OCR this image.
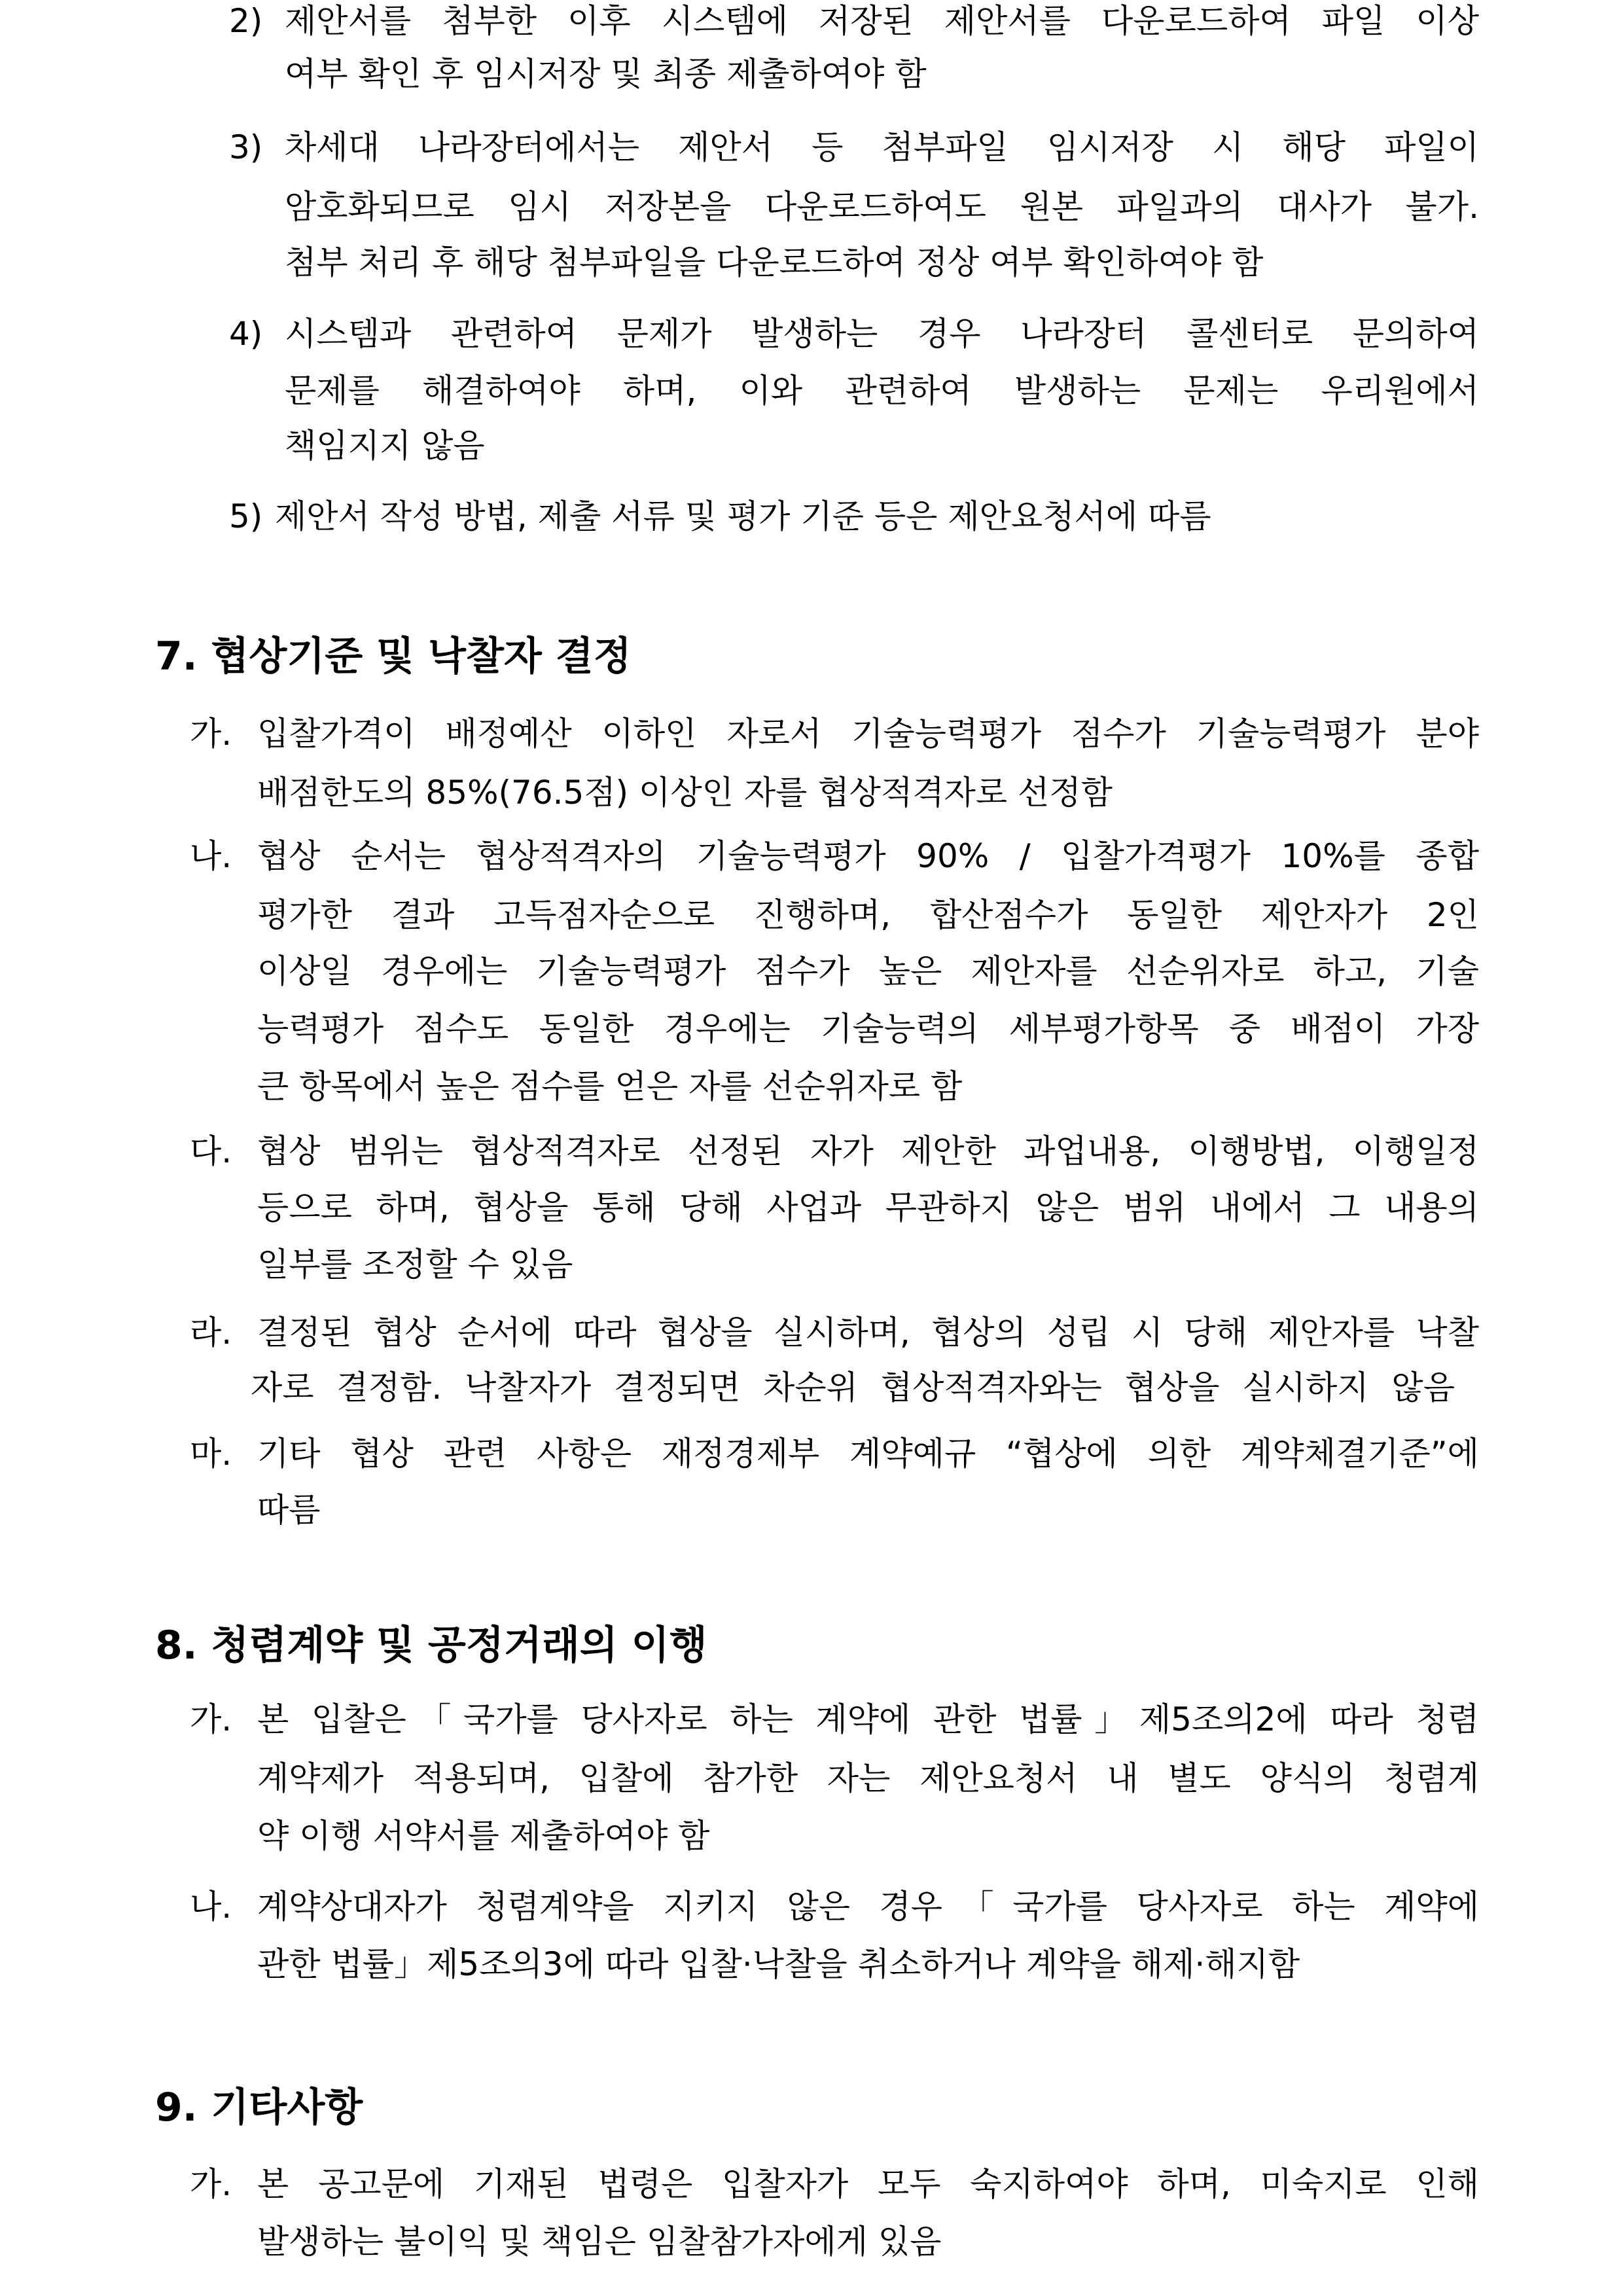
2) 제안서를 첨부한 이후 시스템에 저장된 제안서를 다운로드하여 파일 이상
여부 확인 후 임시저장 및 최종 제출하여야 함
3) 차세대 나라장터에서는 제안서 등 첨부파일 임시저장 시 해당 파일이
암호화되므로 임시 저장본을 다운로드하여도 원본 파일과의 대사가 불가.
첨부 처리 후 해당 첨부파일을 다운로드하여 정상 여부 확인하여야 함
4) 시스템과 관련하여 문제가 발생하는 경우 나라장터 콜센터로 문의하여
문제를 해결하여야 하며, 이와 관련하여 발생하는 문제는 우리원에서
책임지지 않음
5) 제안서 작성 방법, 제출 서류 및 평가 기준 등은 제안요청서에 따름
7. 협상기준 및 낙찰자 결정
가. 입찰가격이 배정예산 이하인 자로서 기술능력평가 점수가 기술능력평가 분야
배점한도의 85%(76.5점) 이상인 자를 협상적격자로 선정함
나. 협상 순서는 협상적격자의 기술능력평가 90% / 입찰가격평가 10%를 종합
평가한 결과 고득점자순으로 진행하며, 합산점수가 동일한 제안자가 2인
이상일 경우에는 기술능력평가 점수가 높은 제안자를 선순위자로 하고, 기술
능력평가 점수도 동일한 경우에는 기술능력의 세부평가항목 중 배점이 가장
큰 항목에서 높은 점수를 얻은 자를 선순위자로 함
다. 협상 범위는 협상적격자로 선정된 자가 제안한 과업내용, 이행방법, 이행일정
등으로 하며, 협상을 통해 당해 사업과 무관하지 않은 범위 내에서 그 내용의
일부를 조정할 수 있음
라. 결정된 협상 순서에 따라 협상을 실시하며, 협상의 성립 시 당해 제안자를 낙찰
자로 결정함. 낙찰자가 결정되면 차순위 협상적격자와는 협상을 실시하지 않음
마. 기타 협상 관련 사항은 재정경제부 계약예규 “협상에 의한 계약체결기준”에
따름
8. 청렴계약 및 공정거래의 이행
가. 본 입찰은「국가를 당사자로 하는 계약에 관한 법률」제5조의2에 따라 청렴
계약제가 적용되며, 입찰에 참가한 자는 제안요청서 내 별도 양식의 청렴계
약 이행 서약서를 제출하여야 함
나. 계약상대자가 청렴계약을 지키지 않은 경우「국가를 당사자로 하는 계약에
관한 법률」제5조의3에 따라 입찰·낙찰을 취소하거나 계약을 해제·해지함
9. 기타사항
가. 본 공고문에 기재된 법령은 입찰자가 모두 숙지하여야 하며, 미숙지로 인해
발생하는 불이익 및 책임은 임찰참가자에게 있음
